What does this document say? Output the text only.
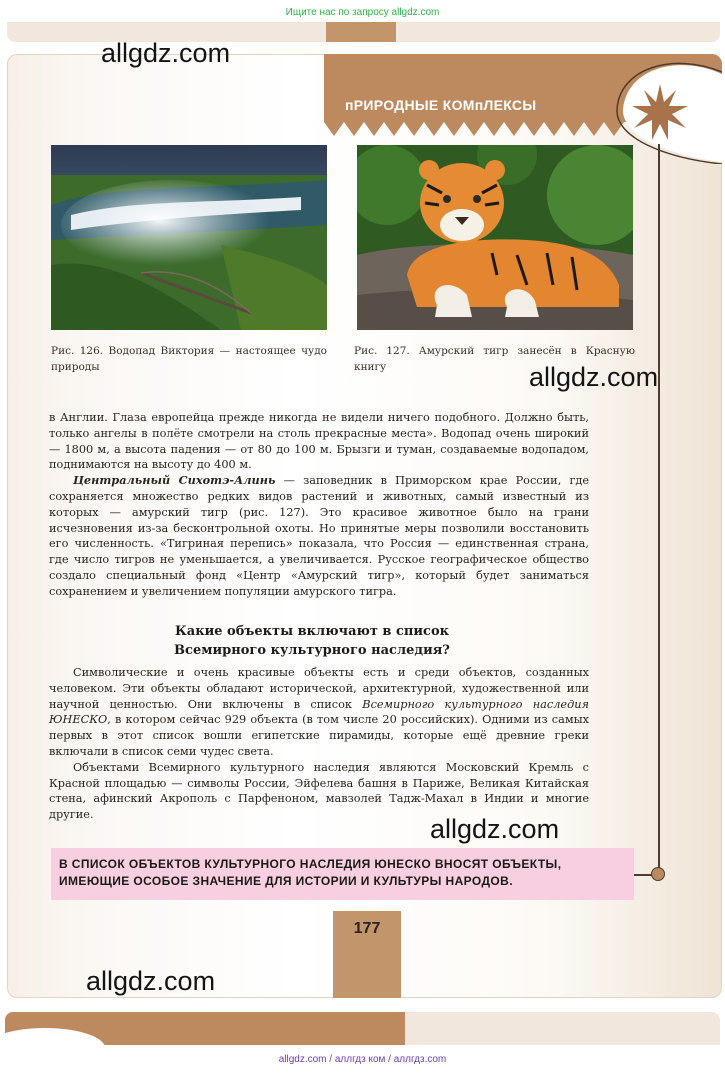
Ищите нас по запросу allgdz.com
пРИРОДНЫЕ КОМпЛЕКСЫ
Рис. 126. Водопад Виктория — настоящее чудо природы
Рис. 127. Амурский тигр занесён в Красную книгу

в Англии. Глаза европейца прежде никогда не видели ничего подобного. Должно быть, только ангелы в полёте смотрели на столь прекрасные места». Водопад очень широкий — 1800 м, а высота падения — от 80 до 100 м. Брызги и туман, создаваемые водопадом, поднимаются на высоту до 400 м.

Центральный Сихотэ-Алинь — заповедник в Приморском крае России, где сохраняется множество редких видов растений и животных, самый известный из которых — амурский тигр (рис. 127). Это красивое животное было на грани исчезновения из-за бесконтрольной охоты. Но принятые меры позволили восстановить его численность. «Тигриная перепись» показала, что Россия — единственная страна, где число тигров не уменьшается, а увеличивается. Русское географическое общество создало специальный фонд «Центр «Амурский тигр», который будет заниматься сохранением и увеличением популяции амурского тигра.

Какие объекты включают в список
Всемирного культурного наследия?

Символические и очень красивые объекты есть и среди объектов, созданных человеком. Эти объекты обладают исторической, архитектурной, художественной или научной ценностью. Они включены в список Всемирного культурного наследия ЮНЕСКО, в котором сейчас 929 объекта (в том числе 20 российских). Одними из самых первых в этот список вошли египетские пирамиды, которые ещё древние греки включали в список семи чудес света.

Объектами Всемирного культурного наследия являются Московский Кремль с Красной площадью — символы России, Эйфелева башня в Париже, Великая Китайская стена, афинский Акрополь с Парфеноном, мавзолей Тадж-Махал в Индии и многие другие.

В СПИСОК ОБЪЕКТОВ КУЛЬТУРНОГО НАСЛЕДИЯ ЮНЕСКО ВНОСЯТ ОБЪЕКТЫ, ИМЕЮЩИЕ ОСОБОЕ ЗНАЧЕНИЕ ДЛЯ ИСТОРИИ И КУЛЬТУРЫ НАРОДОВ.
177
allgdz.com
allgdz.com
allgdz.com
allgdz.com
allgdz.com / аллгдз ком / аллгдз.com
